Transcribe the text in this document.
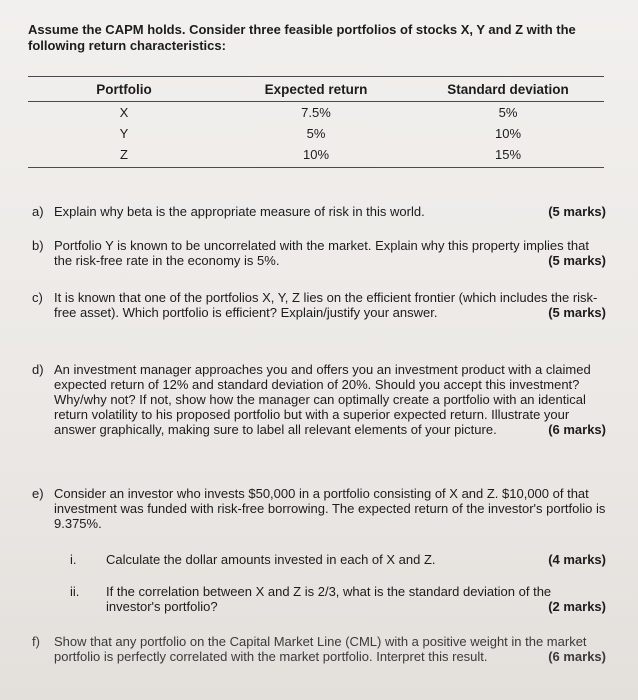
Assume the CAPM holds. Consider three feasible portfolios of stocks X, Y and Z with the following return characteristics:
Portfolio	Expected return	Standard deviation
X	7.5%	5%
Y	5%	10%
Z	10%	15%
a) Explain why beta is the appropriate measure of risk in this world.	(5 marks)
b) Portfolio Y is known to be uncorrelated with the market. Explain why this property implies that the risk-free rate in the economy is 5%.	(5 marks)
c) It is known that one of the portfolios X, Y, Z lies on the efficient frontier (which includes the risk-free asset). Which portfolio is efficient? Explain/justify your answer.	(5 marks)
d) An investment manager approaches you and offers you an investment product with a claimed expected return of 12% and standard deviation of 20%. Should you accept this investment? Why/why not? If not, show how the manager can optimally create a portfolio with an identical return volatility to his proposed portfolio but with a superior expected return. Illustrate your answer graphically, making sure to label all relevant elements of your picture.	(6 marks)
e) Consider an investor who invests $50,000 in a portfolio consisting of X and Z. $10,000 of that investment was funded with risk-free borrowing. The expected return of the investor's portfolio is 9.375%.
i. Calculate the dollar amounts invested in each of X and Z.	(4 marks)
ii. If the correlation between X and Z is 2/3, what is the standard deviation of the investor's portfolio?	(2 marks)
f) Show that any portfolio on the Capital Market Line (CML) with a positive weight in the market portfolio is perfectly correlated with the market portfolio. Interpret this result.	(6 marks)
